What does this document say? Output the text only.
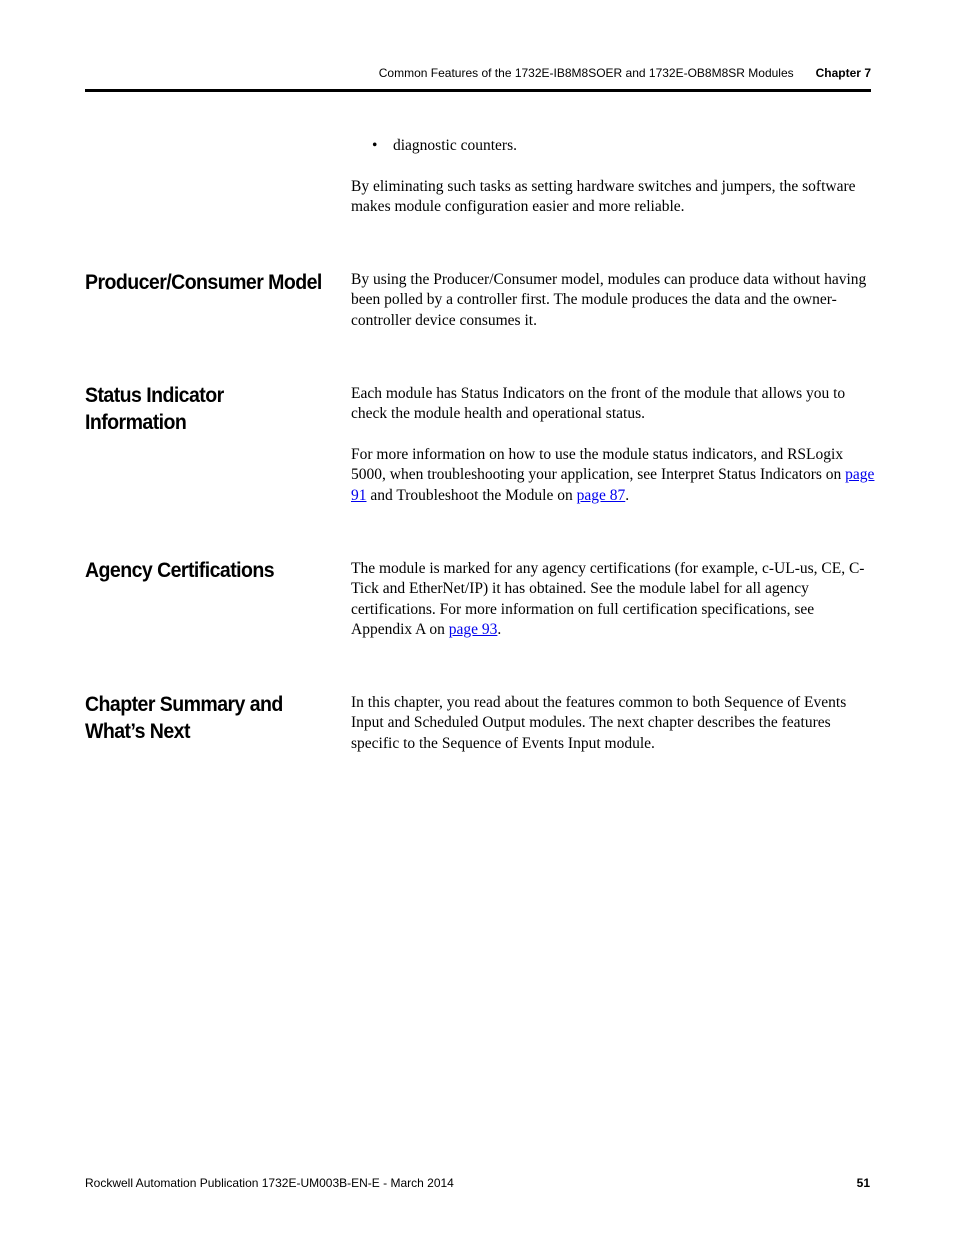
Common Features of the 1732E-IB8M8SOER and 1732E-OB8M8SR Modules Chapter 7
• diagnostic counters.

By eliminating such tasks as setting hardware switches and jumpers, the software makes module configuration easier and more reliable.

Producer/Consumer Model By using the Producer/Consumer model, modules can produce data without having been polled by a controller first. The module produces the data and the owner-controller device consumes it.

Status Indicator
Information

Each module has Status Indicators on the front of the module that allows you to check the module health and operational status.

For more information on how to use the module status indicators, and RSLogix 5000, when troubleshooting your application, see Interpret Status Indicators on page 91 and Troubleshoot the Module on page 87.

Agency Certifications	The module is marked for any agency certifications (for example, c-UL-us, CE, C-Tick and EtherNet/IP) it has obtained. See the module label for all agency certifications. For more information on full certification specifications, see Appendix A on page 93.

Chapter Summary and
What’s Next

In this chapter, you read about the features common to both Sequence of Events Input and Scheduled Output modules. The next chapter describes the features specific to the Sequence of Events Input module.

Rockwell Automation Publication 1732E-UM003B-EN-E - March 2014	51
